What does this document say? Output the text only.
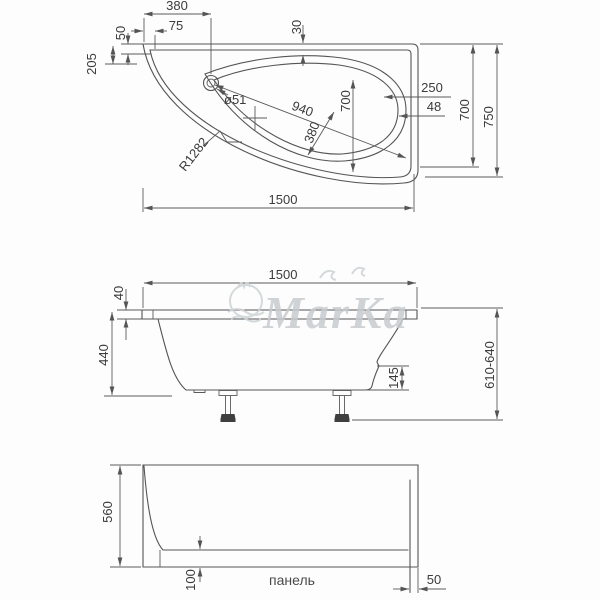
380
75
50
205
30
ø51	940
380
700
250
48 700 750
R1282
1500
1500
40
440
145	610-640
MarKa
560
100	панель	50
